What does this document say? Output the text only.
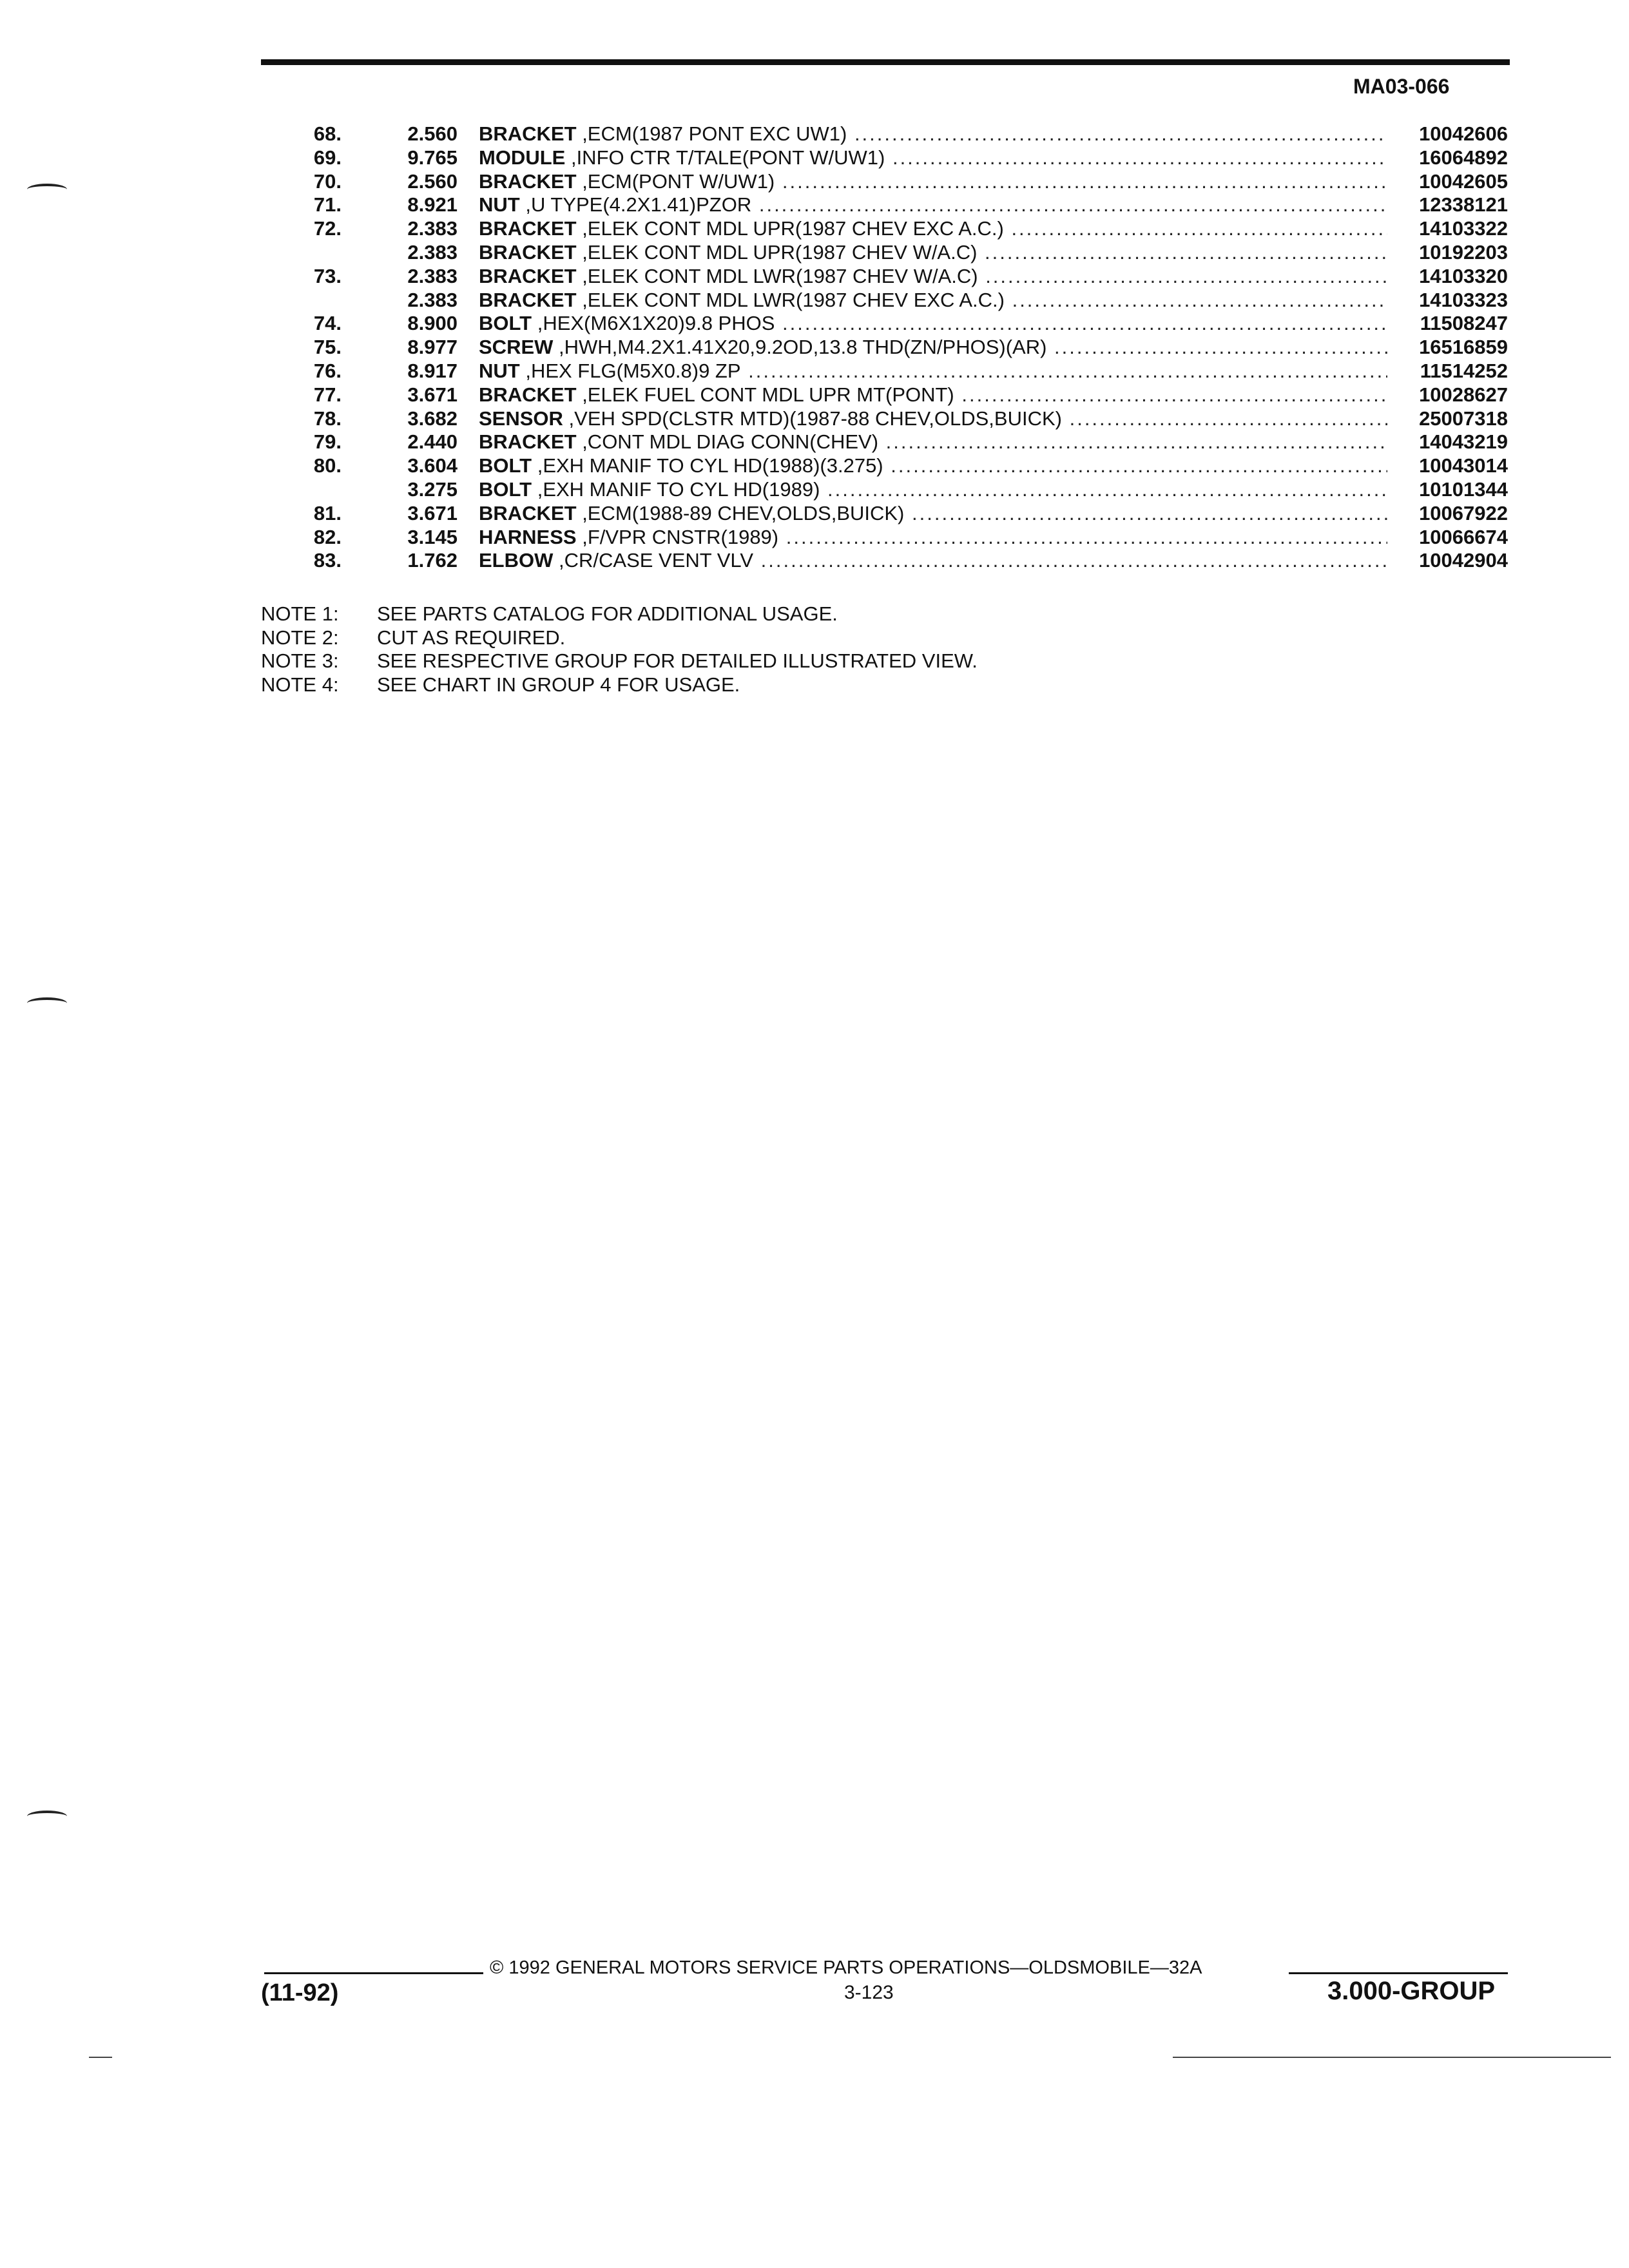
MA03-066
68.	2.560 BRACKET ,ECM(1987 PONT EXC UW1) .....	10042606
69.	9.765 MODULE ,INFO CTR T/TALE(PONT W/UW1) .....	16064892
70.	2.560 BRACKET ,ECM(PONT W/UW1) .....	10042605
71.	8.921 NUT ,U TYPE(4.2X1.41)PZOR .....	12338121
72.	2.383 BRACKET ,ELEK CONT MDL UPR(1987 CHEV EXC A.C.) .....	14103322
2.383 BRACKET ,ELEK CONT MDL UPR(1987 CHEV W/A.C) .....	10192203
73.	2.383 BRACKET ,ELEK CONT MDL LWR(1987 CHEV W/A.C) .....	14103320
2.383 BRACKET ,ELEK CONT MDL LWR(1987 CHEV EXC A.C.) .....	14103323
74.	8.900 BOLT ,HEX(M6X1X20)9.8 PHOS .....	11508247
75.	8.977 SCREW ,HWH,M4.2X1.41X20,9.2OD,13.8 THD(ZN/PHOS)(AR) .....	16516859
76.	8.917 NUT ,HEX FLG(M5X0.8)9 ZP .....	11514252
77.	3.671 BRACKET ,ELEK FUEL CONT MDL UPR MT(PONT) .....	10028627
78.	3.682 SENSOR ,VEH SPD(CLSTR MTD)(1987-88 CHEV,OLDS,BUICK) .....	25007318
79.	2.440 BRACKET ,CONT MDL DIAG CONN(CHEV) .....	14043219
80.	3.604 BOLT ,EXH MANIF TO CYL HD(1988)(3.275) .....	10043014
3.275 BOLT ,EXH MANIF TO CYL HD(1989) .....	10101344
81.	3.671 BRACKET ,ECM(1988-89 CHEV,OLDS,BUICK) .....	10067922
82.	3.145 HARNESS ,F/VPR CNSTR(1989) .....	10066674
83.	1.762 ELBOW ,CR/CASE VENT VLV .....	10042904
NOTE 1: SEE PARTS CATALOG FOR ADDITIONAL USAGE.
NOTE 2: CUT AS REQUIRED.
NOTE 3: SEE RESPECTIVE GROUP FOR DETAILED ILLUSTRATED VIEW.
NOTE 4: SEE CHART IN GROUP 4 FOR USAGE.
© 1992 GENERAL MOTORS SERVICE PARTS OPERATIONS—OLDSMOBILE—32A
(11-92)	3-123	3.000-GROUP
